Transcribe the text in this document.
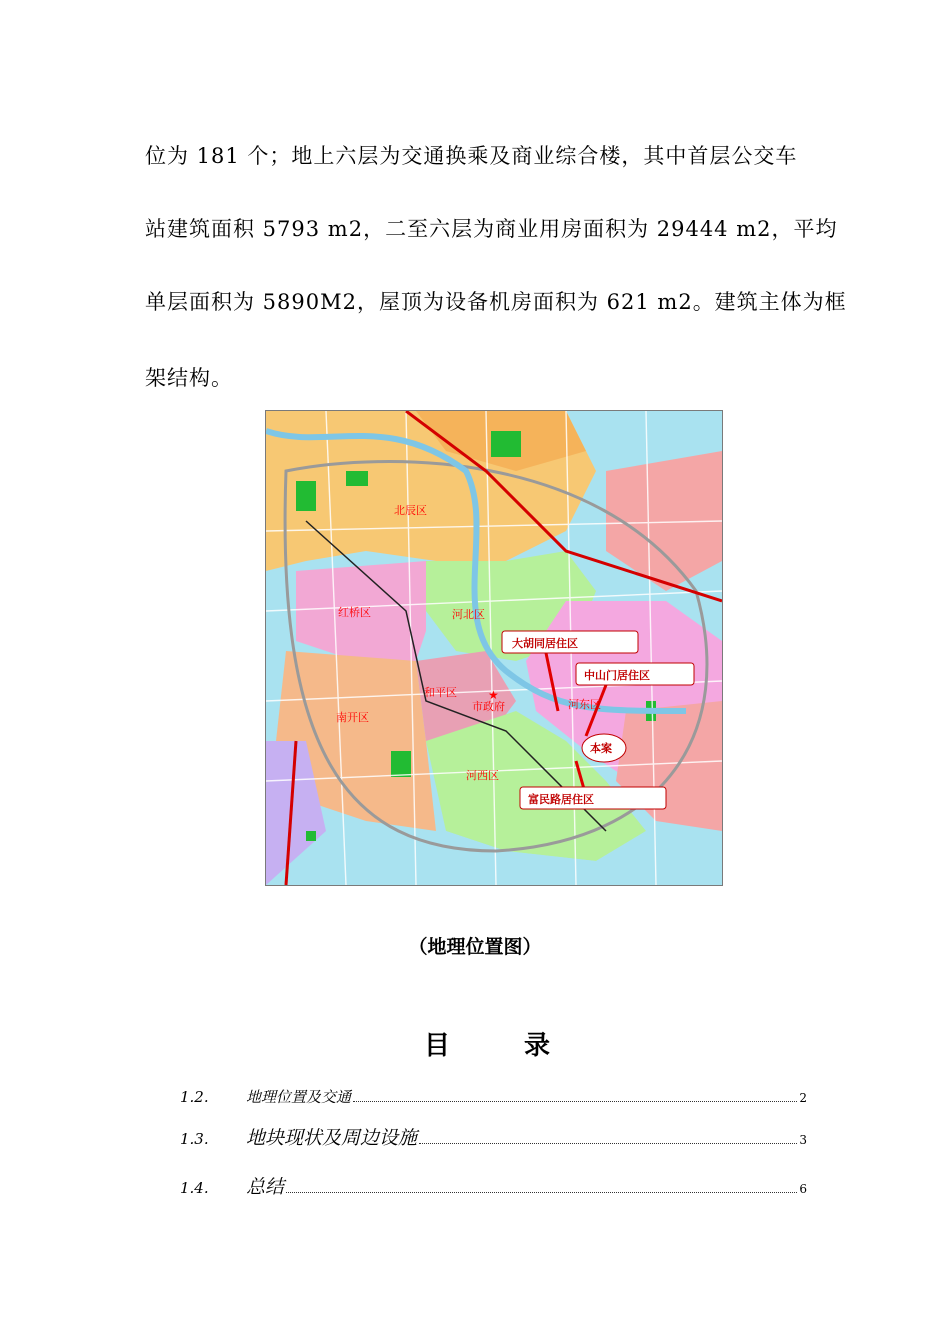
位为 181 个；地上六层为交通换乘及商业综合楼，其中首层公交车
站建筑面积 5793 m2，二至六层为商业用房面积为 29444 m2，平均
单层面积为 5890M2，屋顶为设备机房面积为 621 m2。建筑主体为框
架结构。
★
北辰区
红桥区	河北区
和平区
市政府
南开区
河东区
河西区
大胡同居住区
中山门居住区
本案
富民路居住区
（地理位置图）
目　录
1.2.	地理位置及交通	2
1.3.	地块现状及周边设施	3
1.4.	总结	6
